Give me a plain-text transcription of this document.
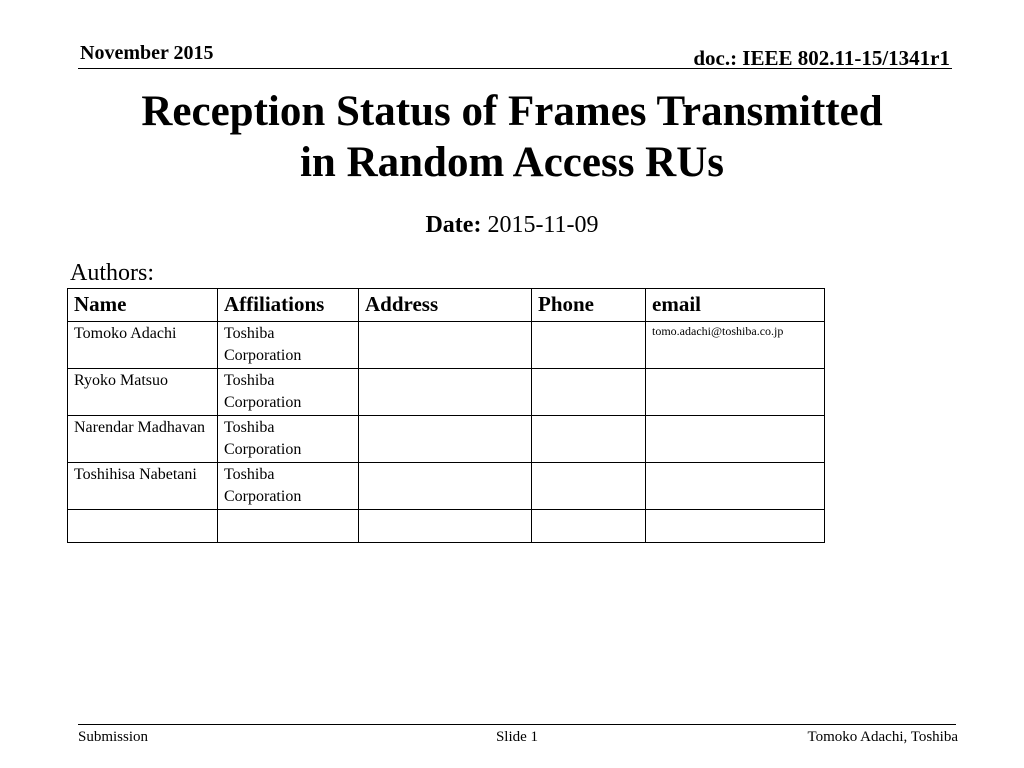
November 2015	doc.: IEEE 802.11-15/1341r1
Reception Status of Frames Transmitted
in Random Access RUs
Date: 2015-11-09
Authors:
Name	Affiliations	Address	Phone	email
Tomoko Adachi	Toshiba Corporation			tomo.adachi@toshiba.co.jp
Ryoko Matsuo	Toshiba Corporation			
Narendar Madhavan	Toshiba Corporation			
Toshihisa Nabetani	Toshiba Corporation			

Submission	Slide 1	Tomoko Adachi, Toshiba
